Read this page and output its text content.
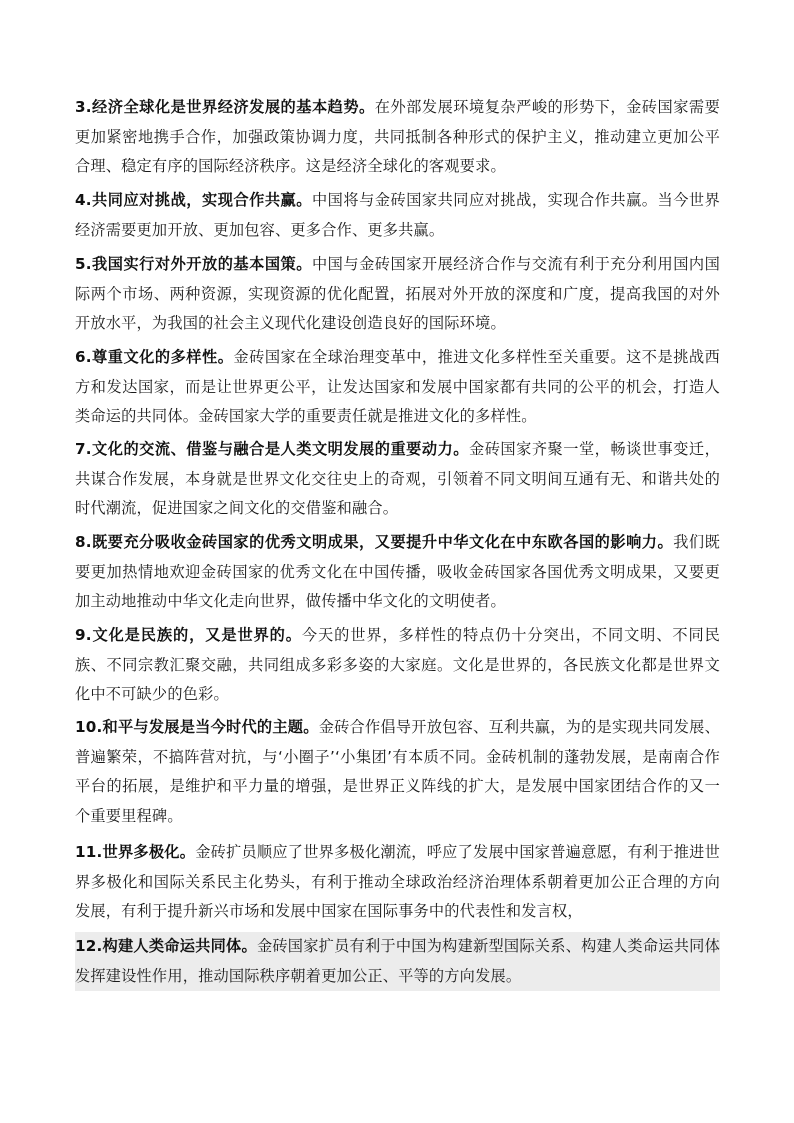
3.经济全球化是世界经济发展的基本趋势。在外部发展环境复杂严峻的形势下，金砖国家需要更加紧密地携手合作，加强政策协调力度，共同抵制各种形式的保护主义，推动建立更加公平合理、稳定有序的国际经济秩序。这是经济全球化的客观要求。

4.共同应对挑战，实现合作共赢。中国将与金砖国家共同应对挑战，实现合作共赢。当今世界经济需要更加开放、更加包容、更多合作、更多共赢。

5.我国实行对外开放的基本国策。中国与金砖国家开展经济合作与交流有利于充分利用国内国际两个市场、两种资源，实现资源的优化配置，拓展对外开放的深度和广度，提高我国的对外开放水平，为我国的社会主义现代化建设创造良好的国际环境。

6.尊重文化的多样性。金砖国家在全球治理变革中，推进文化多样性至关重要。这不是挑战西方和发达国家，而是让世界更公平，让发达国家和发展中国家都有共同的公平的机会，打造人类命运的共同体。金砖国家大学的重要责任就是推进文化的多样性。

7.文化的交流、借鉴与融合是人类文明发展的重要动力。金砖国家齐聚一堂，畅谈世事变迁，共谋合作发展，本身就是世界文化交往史上的奇观，引领着不同文明间互通有无、和谐共处的时代潮流，促进国家之间文化的交借鉴和融合。

8.既要充分吸收金砖国家的优秀文明成果，又要提升中华文化在中东欧各国的影响力。我们既要更加热情地欢迎金砖国家的优秀文化在中国传播，吸收金砖国家各国优秀文明成果，又要更加主动地推动中华文化走向世界，做传播中华文化的文明使者。

9.文化是民族的，又是世界的。今天的世界，多样性的特点仍十分突出，不同文明、不同民族、不同宗教汇聚交融，共同组成多彩多姿的大家庭。文化是世界的，各民族文化都是世界文化中不可缺少的色彩。

10.和平与发展是当今时代的主题。金砖合作倡导开放包容、互利共赢，为的是实现共同发展、普遍繁荣，不搞阵营对抗，与‘小圈子’‘小集团’有本质不同。金砖机制的蓬勃发展，是南南合作平台的拓展，是维护和平力量的增强，是世界正义阵线的扩大，是发展中国家团结合作的又一个重要里程碑。

11.世界多极化。金砖扩员顺应了世界多极化潮流，呼应了发展中国家普遍意愿，有利于推进世界多极化和国际关系民主化势头，有利于推动全球政治经济治理体系朝着更加公正合理的方向发展，有利于提升新兴市场和发展中国家在国际事务中的代表性和发言权，

12.构建人类命运共同体。金砖国家扩员有利于中国为构建新型国际关系、构建人类命运共同体发挥建设性作用，推动国际秩序朝着更加公正、平等的方向发展。
